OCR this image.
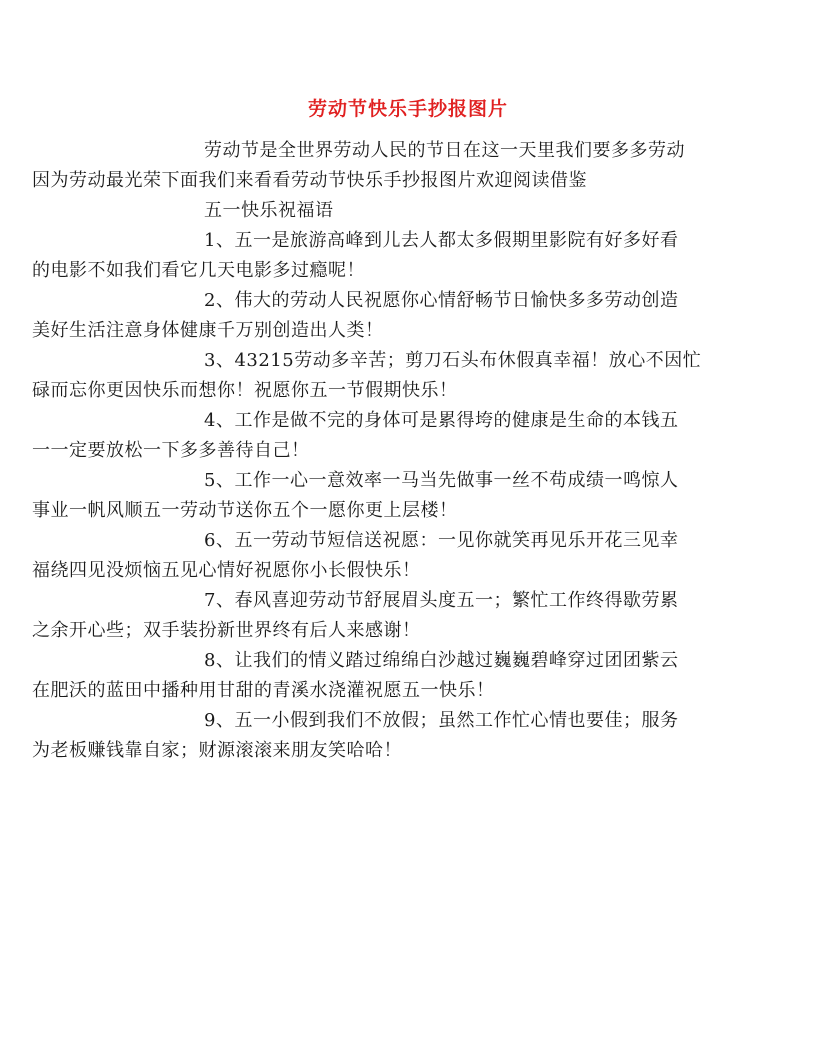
劳动节快乐手抄报图片

劳动节是全世界劳动人民的节日在这一天里我们要多多劳动
因为劳动最光荣下面我们来看看劳动节快乐手抄报图片欢迎阅读借鉴

五一快乐祝福语

1、五一是旅游高峰到儿去人都太多假期里影院有好多好看
的电影不如我们看它几天电影多过瘾呢！

2、伟大的劳动人民祝愿你心情舒畅节日愉快多多劳动创造
美好生活注意身体健康千万别创造出人类！

3、43215劳动多辛苦；剪刀石头布休假真幸福！放心不因忙
碌而忘你更因快乐而想你！祝愿你五一节假期快乐！

4、工作是做不完的身体可是累得垮的健康是生命的本钱五
一一定要放松一下多多善待自己！

5、工作一心一意效率一马当先做事一丝不苟成绩一鸣惊人
事业一帆风顺五一劳动节送你五个一愿你更上层楼！

6、五一劳动节短信送祝愿：一见你就笑再见乐开花三见幸
福绕四见没烦恼五见心情好祝愿你小长假快乐！

7、春风喜迎劳动节舒展眉头度五一；繁忙工作终得歇劳累
之余开心些；双手装扮新世界终有后人来感谢！

8、让我们的情义踏过绵绵白沙越过巍巍碧峰穿过团团紫云
在肥沃的蓝田中播种用甘甜的青溪水浇灌祝愿五一快乐！

9、五一小假到我们不放假；虽然工作忙心情也要佳；服务
为老板赚钱靠自家；财源滚滚来朋友笑哈哈！
